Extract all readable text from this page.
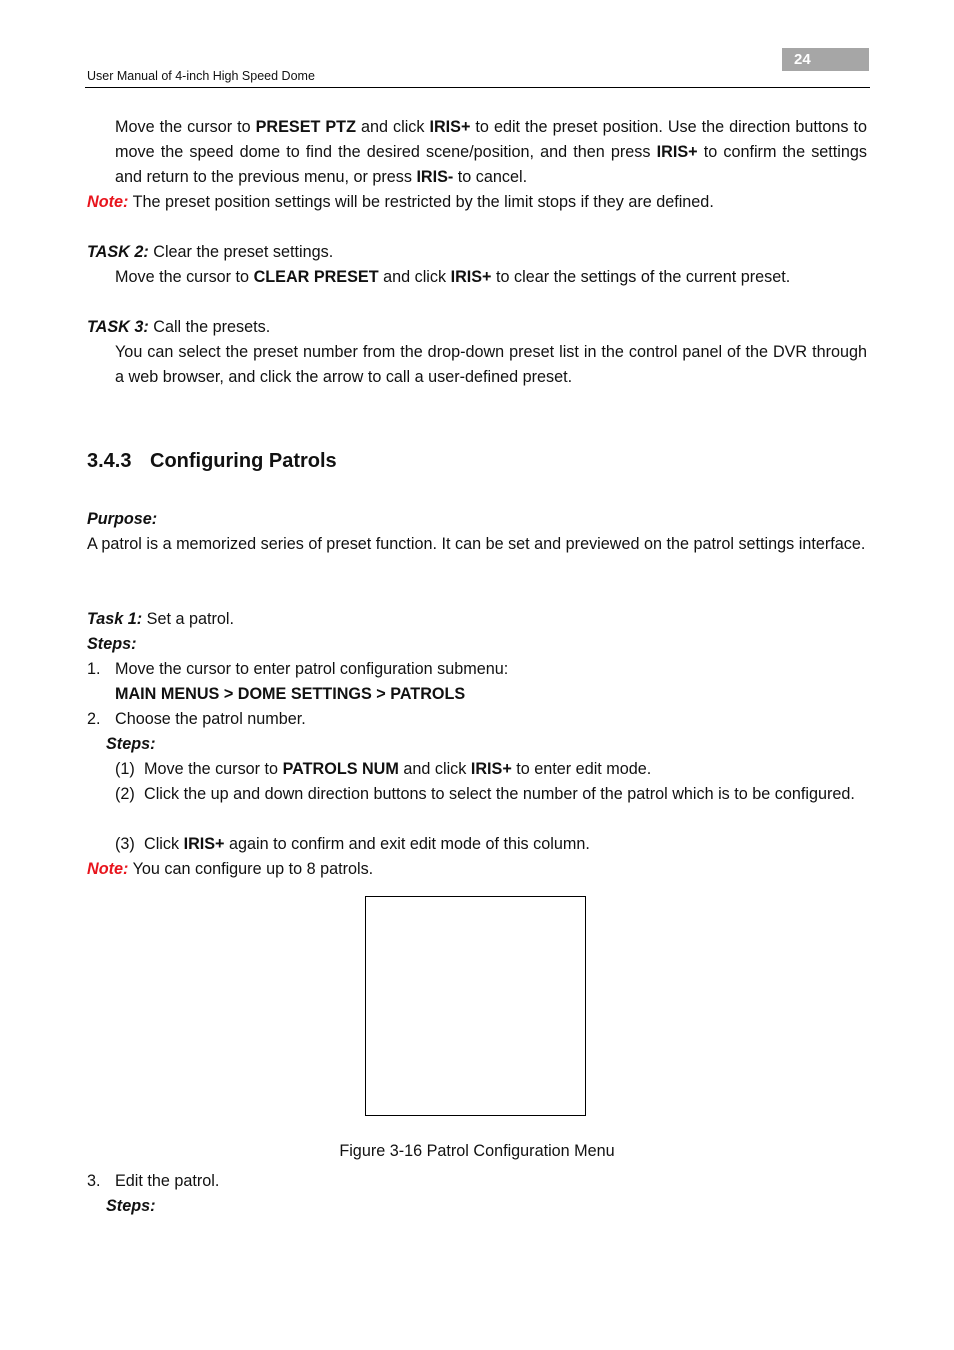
24
User Manual of 4-inch High Speed Dome
Move the cursor to PRESET PTZ and click IRIS+ to edit the preset position. Use the direction buttons to move the speed dome to find the desired scene/position, and then press IRIS+ to confirm the settings and return to the previous menu, or press IRIS- to cancel.
Note: The preset position settings will be restricted by the limit stops if they are defined.
TASK 2: Clear the preset settings.
Move the cursor to CLEAR PRESET and click IRIS+ to clear the settings of the current preset.
TASK 3: Call the presets.
You can select the preset number from the drop-down preset list in the control panel of the DVR through a web browser, and click the arrow to call a user-defined preset.
3.4.3 Configuring Patrols
Purpose:
A patrol is a memorized series of preset function. It can be set and previewed on the patrol settings interface.
Task 1: Set a patrol.
Steps:
1. Move the cursor to enter patrol configuration submenu:
MAIN MENUS > DOME SETTINGS > PATROLS
2. Choose the patrol number.
Steps:
(1) Move the cursor to PATROLS NUM and click IRIS+ to enter edit mode.
(2) Click the up and down direction buttons to select the number of the patrol which is to be configured.
(3) Click IRIS+ again to confirm and exit edit mode of this column.
Note: You can configure up to 8 patrols.
Figure 3-16 Patrol Configuration Menu
3. Edit the patrol.
Steps:
